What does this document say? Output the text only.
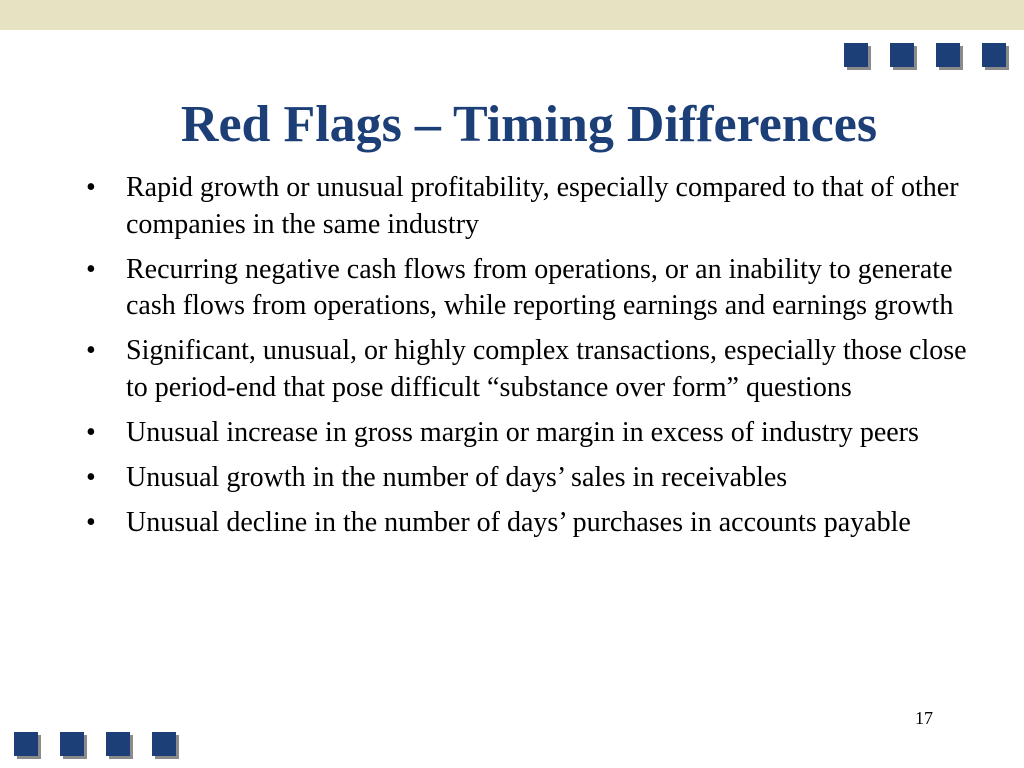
Red Flags – Timing Differences
• Rapid growth or unusual profitability, especially compared to that of other companies in the same industry
• Recurring negative cash flows from operations, or an inability to generate cash flows from operations, while reporting earnings and earnings growth
• Significant, unusual, or highly complex transactions, especially those close to period-end that pose difficult “substance over form” questions
• Unusual increase in gross margin or margin in excess of industry peers
• Unusual growth in the number of days’ sales in receivables
• Unusual decline in the number of days’ purchases in accounts payable
17
